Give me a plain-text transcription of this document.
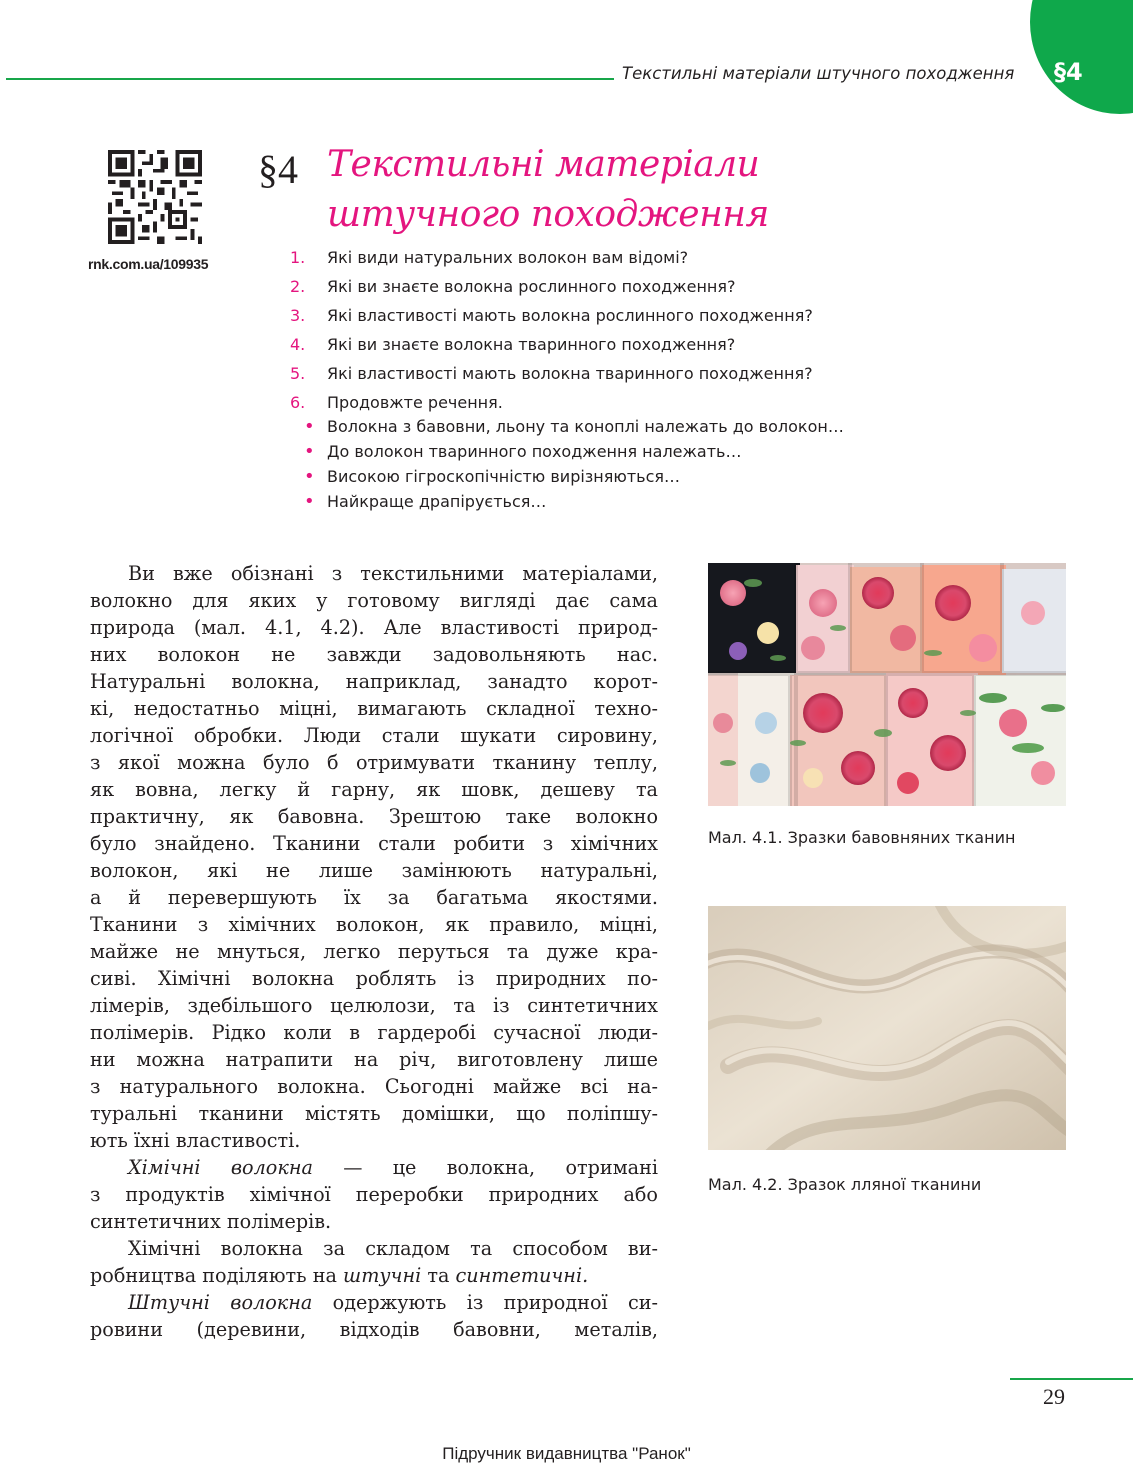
Текстильні матеріали штучного походження §4
rnk.com.ua/109935
§4 Текстильні матеріали
штучного походження
1. Які види натуральних волокон вам відомі?
2. Які ви знаєте волокна рослинного походження?
3. Які властивості мають волокна рослинного походження?
4. Які ви знаєте волокна тваринного походження?
5. Які властивості мають волокна тваринного походження?
6. Продовжте речення.
• Волокна з бавовни, льону та коноплі належать до волокон…
• До волокон тваринного походження належать…
• Високою гігроскопічністю вирізняються…
• Найкраще драпірується…
Ви вже обізнані з текстильними матеріалами,
волокно для яких у готовому вигляді дає сама
природа (мал. 4.1, 4.2). Але властивості природ-
них волокон не завжди задовольняють нас.
Натуральні волокна, наприклад, занадто корот-
кі, недостатньо міцні, вимагають складної техно-
логічної обробки. Люди стали шукати сировину,
з якої можна було б отримувати тканину теплу,
як вовна, легку й гарну, як шовк, дешеву та
практичну, як бавовна. Зрештою таке волокно
було знайдено. Тканини стали робити з хімічних
волокон, які не лише замінюють натуральні,
а й перевершують їх за багатьма якостями.
Тканини з хімічних волокон, як правило, міцні,
майже не мнуться, легко перуться та дуже кра-
сиві. Хімічні волокна роблять із природних по-
лімерів, здебільшого целюлози, та із синтетичних
полімерів. Рідко коли в гардеробі сучасної люди-
ни можна натрапити на річ, виготовлену лише
з натурального волокна. Сьогодні майже всі на-
туральні тканини містять домішки, що поліпшу-
ють їхні властивості.
Хімічні волокна — це волокна, отримані
з продуктів хімічної переробки природних або
синтетичних полімерів.
Хімічні волокна за складом та способом ви-
робництва поділяють на штучні та синтетичні.
Штучні волокна одержують із природної си-
ровини (деревини, відходів бавовни, металів,
Мал. 4.1. Зразки бавовняних тканин
Мал. 4.2. Зразок лляної тканини
29
Підручник видавництва "Ранок"
